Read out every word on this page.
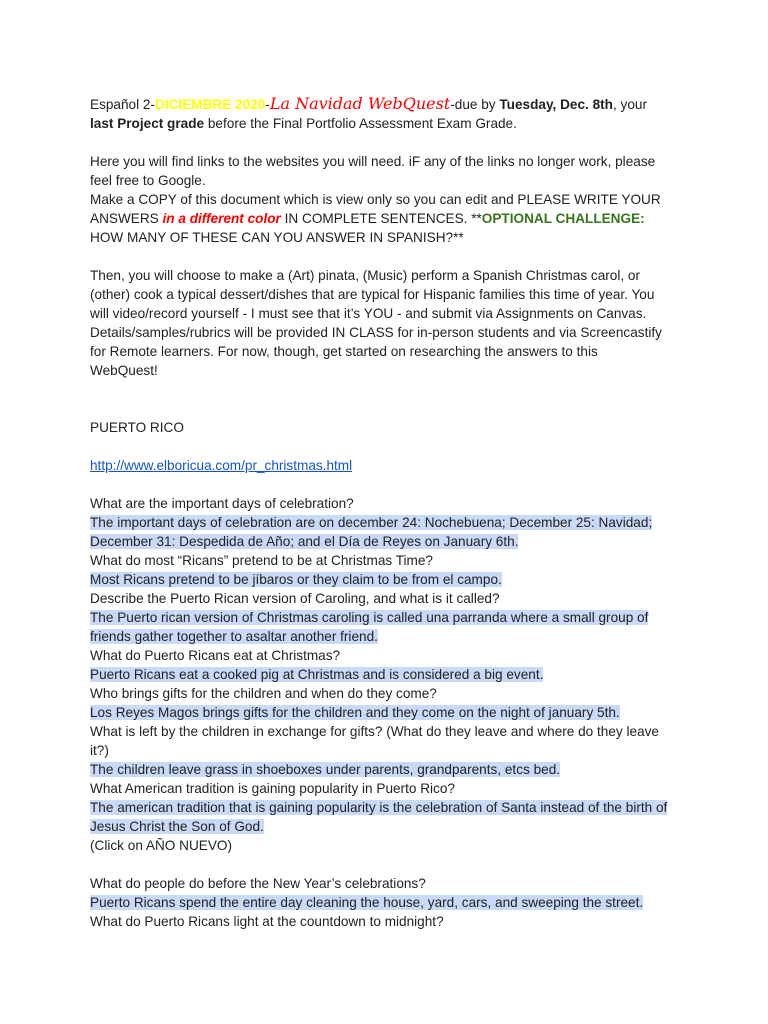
Español 2-DICIEMBRE 2020-La Navidad WebQuest-due by Tuesday, Dec. 8th, your

last Project grade before the Final Portfolio Assessment Exam Grade.

Here you will find links to the websites you will need. iF any of the links no longer work, please

feel free to Google.

Make a COPY of this document which is view only so you can edit and PLEASE WRITE YOUR

ANSWERS in a different color IN COMPLETE SENTENCES. **OPTIONAL CHALLENGE:

HOW MANY OF THESE CAN YOU ANSWER IN SPANISH?**

Then, you will choose to make a (Art) pinata, (Music) perform a Spanish Christmas carol, or

(other) cook a typical dessert/dishes that are typical for Hispanic families this time of year. You

will video/record yourself - I must see that it’s YOU - and submit via Assignments on Canvas.

Details/samples/rubrics will be provided IN CLASS for in-person students and via Screencastify

for Remote learners. For now, though, get started on researching the answers to this

WebQuest!

PUERTO RICO

http://www.elboricua.com/pr_christmas.html

What are the important days of celebration?

The important days of celebration are on december 24: Nochebuena; December 25: Navidad;

December 31: Despedida de Año; and el Día de Reyes on January 6th.

What do most “Ricans” pretend to be at Christmas Time?

Most Ricans pretend to be jíbaros or they claim to be from el campo.

Describe the Puerto Rican version of Caroling, and what is it called?

The Puerto rican version of Christmas caroling is called una parranda where a small group of

friends gather together to asaltar another friend.

What do Puerto Ricans eat at Christmas?

Puerto Ricans eat a cooked pig at Christmas and is considered a big event.

Who brings gifts for the children and when do they come?

Los Reyes Magos brings gifts for the children and they come on the night of january 5th.

What is left by the children in exchange for gifts? (What do they leave and where do they leave

it?)

The children leave grass in shoeboxes under parents, grandparents, etcs bed.

What American tradition is gaining popularity in Puerto Rico?

The american tradition that is gaining popularity is the celebration of Santa instead of the birth of

Jesus Christ the Son of God.

(Click on AÑO NUEVO)

What do people do before the New Year’s celebrations?

Puerto Ricans spend the entire day cleaning the house, yard, cars, and sweeping the street.

What do Puerto Ricans light at the countdown to midnight?
